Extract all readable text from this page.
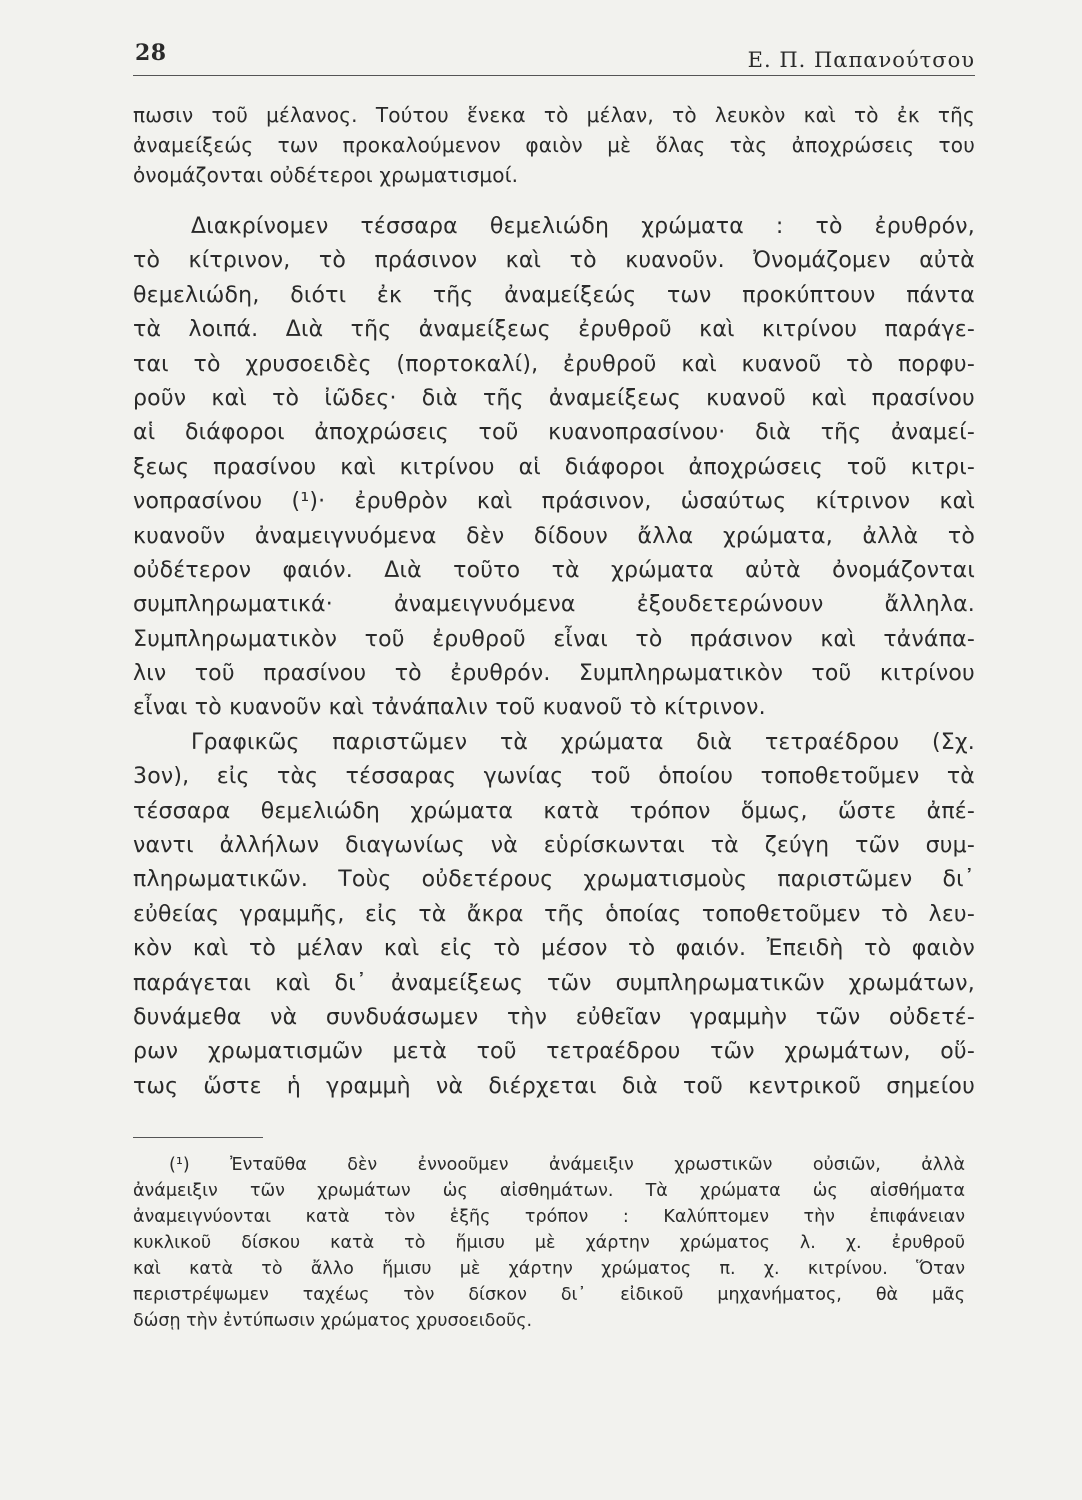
28	Ε. Π. Παπανούτσου
πωσιν τοῦ μέλανος. Τούτου ἕνεκα τὸ μέλαν, τὸ λευκὸν καὶ τὸ ἐκ τῆς
ἀναμείξεώς των προκαλούμενον φαιὸν μὲ ὅλας τὰς ἀποχρώσεις του
ὀνομάζονται οὐδέτεροι χρωματισμοί.
Διακρίνομεν τέσσαρα θεμελιώδη χρώματα : τὸ ἐρυθρόν,
τὸ κίτρινον, τὸ πράσινον καὶ τὸ κυανοῦν. Ὀνομάζομεν αὐτὰ
θεμελιώδη, διότι ἐκ τῆς ἀναμείξεώς των προκύπτουν πάντα
τὰ λοιπά. Διὰ τῆς ἀναμείξεως ἐρυθροῦ καὶ κιτρίνου παράγε-
ται τὸ χρυσοειδὲς (πορτοκαλί), ἐρυθροῦ καὶ κυανοῦ τὸ πορφυ-
ροῦν καὶ τὸ ἰῶδες· διὰ τῆς ἀναμείξεως κυανοῦ καὶ πρασίνου
αἱ διάφοροι ἀποχρώσεις τοῦ κυανοπρασίνου· διὰ τῆς ἀναμεί-
ξεως πρασίνου καὶ κιτρίνου αἱ διάφοροι ἀποχρώσεις τοῦ κιτρι-
νοπρασίνου (¹)· ἐρυθρὸν καὶ πράσινον, ὡσαύτως κίτρινον καὶ
κυανοῦν ἀναμειγνυόμενα δὲν δίδουν ἄλλα χρώματα, ἀλλὰ τὸ
οὐδέτερον φαιόν. Διὰ τοῦτο τὰ χρώματα αὐτὰ ὀνομάζονται
συμπληρωματικά· ἀναμειγνυόμενα ἐξουδετερώνουν ἄλληλα.
Συμπληρωματικὸν τοῦ ἐρυθροῦ εἶναι τὸ πράσινον καὶ τἀνάπα-
λιν τοῦ πρασίνου τὸ ἐρυθρόν. Συμπληρωματικὸν τοῦ κιτρίνου
εἶναι τὸ κυανοῦν καὶ τἀνάπαλιν τοῦ κυανοῦ τὸ κίτρινον.
Γραφικῶς παριστῶμεν τὰ χρώματα διὰ τετραέδρου (Σχ.
3ον), εἰς τὰς τέσσαρας γωνίας τοῦ ὁποίου τοποθετοῦμεν τὰ
τέσσαρα θεμελιώδη χρώματα κατὰ τρόπον ὅμως, ὥστε ἀπέ-
ναντι ἀλλήλων διαγωνίως νὰ εὑρίσκωνται τὰ ζεύγη τῶν συμ-
πληρωματικῶν. Τοὺς οὐδετέρους χρωματισμοὺς παριστῶμεν δι᾽
εὐθείας γραμμῆς, εἰς τὰ ἄκρα τῆς ὁποίας τοποθετοῦμεν τὸ λευ-
κὸν καὶ τὸ μέλαν καὶ εἰς τὸ μέσον τὸ φαιόν. Ἐπειδὴ τὸ φαιὸν
παράγεται καὶ δι᾽ ἀναμείξεως τῶν συμπληρωματικῶν χρωμάτων,
δυνάμεθα νὰ συνδυάσωμεν τὴν εὐθεῖαν γραμμὴν τῶν οὐδετέ-
ρων χρωματισμῶν μετὰ τοῦ τετραέδρου τῶν χρωμάτων, οὕ-
τως ὥστε ἡ γραμμὴ νὰ διέρχεται διὰ τοῦ κεντρικοῦ σημείου
(¹) Ἐνταῦθα δὲν ἐννοοῦμεν ἀνάμειξιν χρωστικῶν οὐσιῶν, ἀλλὰ
ἀνάμειξιν τῶν χρωμάτων ὡς αἰσθημάτων. Τὰ χρώματα ὡς αἰσθήματα
ἀναμειγνύονται κατὰ τὸν ἑξῆς τρόπον : Καλύπτομεν τὴν ἐπιφάνειαν
κυκλικοῦ δίσκου κατὰ τὸ ἥμισυ μὲ χάρτην χρώματος λ. χ. ἐρυθροῦ
καὶ κατὰ τὸ ἄλλο ἥμισυ μὲ χάρτην χρώματος π. χ. κιτρίνου. Ὅταν
περιστρέψωμεν ταχέως τὸν δίσκον δι᾽ εἰδικοῦ μηχανήματος, θὰ μᾶς
δώσῃ τὴν ἐντύπωσιν χρώματος χρυσοειδοῦς.
